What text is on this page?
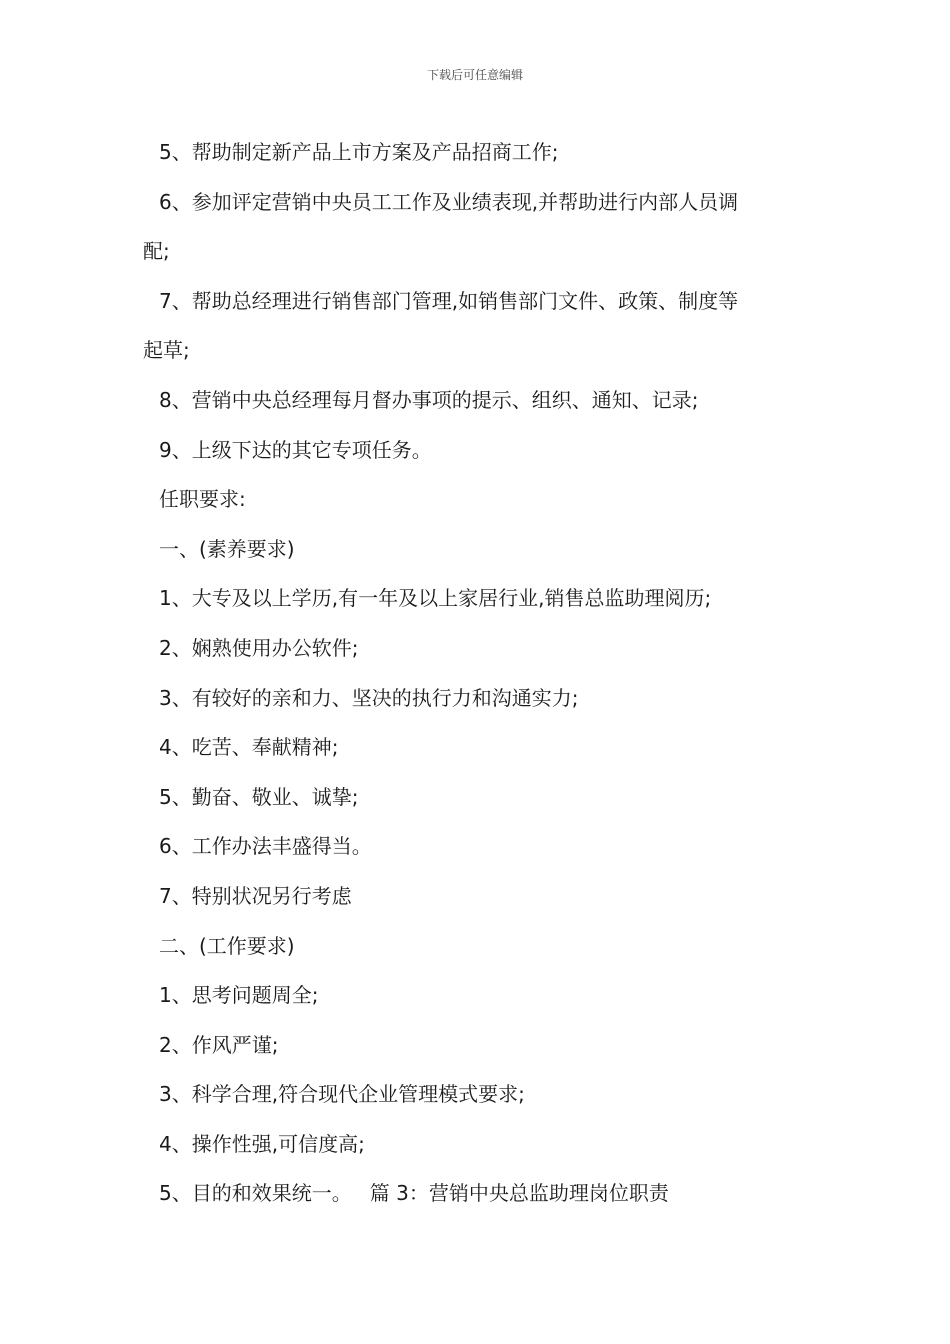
下载后可任意编辑

5、帮助制定新产品上市方案及产品招商工作;

6、参加评定营销中央员工工作及业绩表现,并帮助进行内部人员调
配;

7、帮助总经理进行销售部门管理,如销售部门文件、政策、制度等
起草;

8、营销中央总经理每月督办事项的提示、组织、通知、记录;

9、上级下达的其它专项任务。

任职要求:

一、(素养要求)

1、大专及以上学历,有一年及以上家居行业,销售总监助理阅历;

2、娴熟使用办公软件;

3、有较好的亲和力、坚决的执行力和沟通实力;

4、吃苦、奉献精神;

5、勤奋、敬业、诚挚;

6、工作办法丰盛得当。

7、特别状况另行考虑

二、(工作要求)

1、思考问题周全;

2、作风严谨;

3、科学合理,符合现代企业管理模式要求;

4、操作性强,可信度高;

5、目的和效果统一。 篇 3：营销中央总监助理岗位职责
